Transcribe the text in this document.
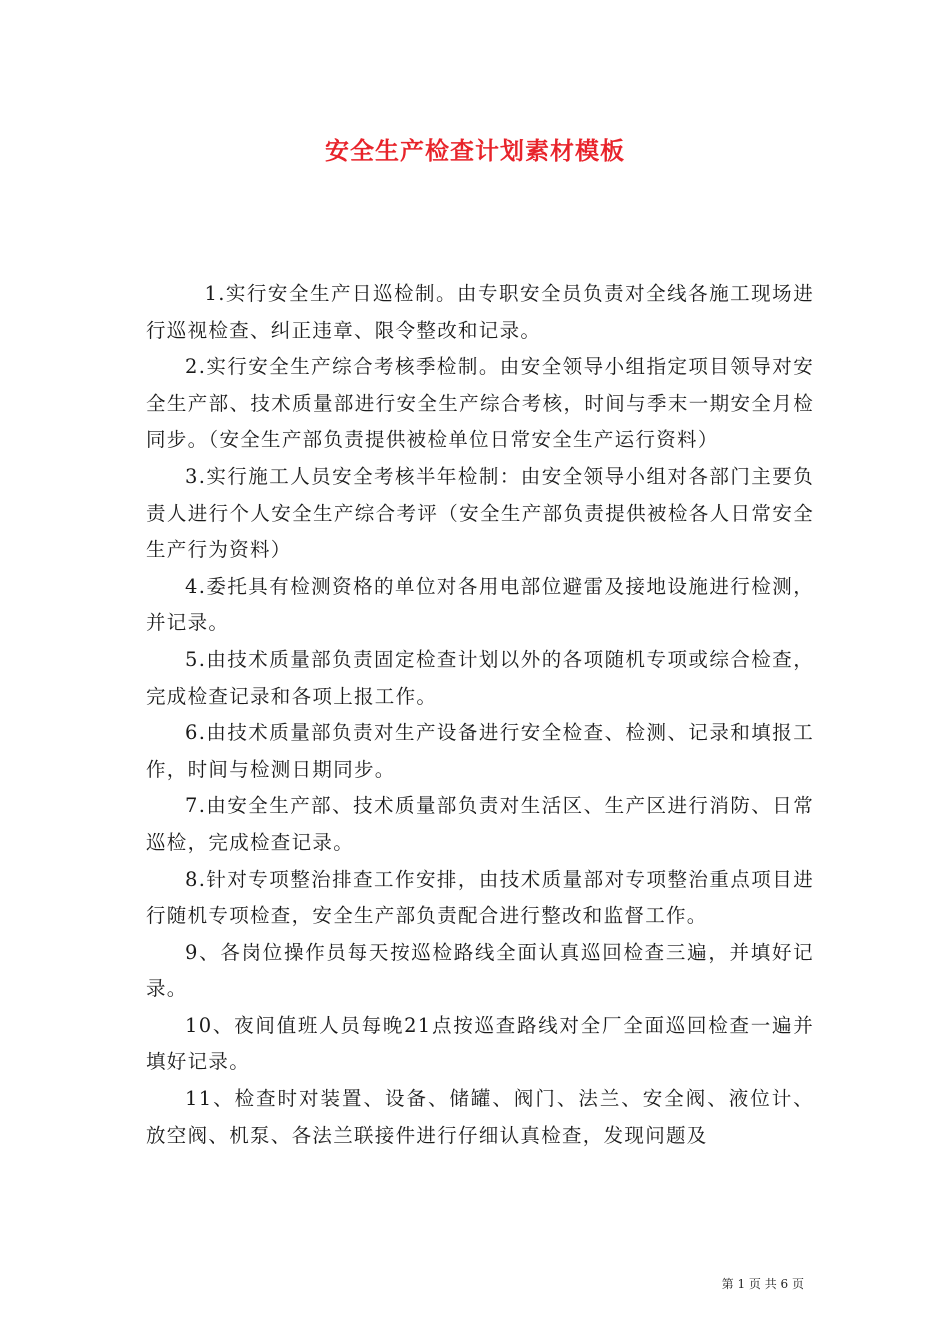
安全生产检查计划素材模板

1.实行安全生产日巡检制。由专职安全员负责对全线各施工现场进行巡视检查、纠正违章、限令整改和记录。

2.实行安全生产综合考核季检制。由安全领导小组指定项目领导对安全生产部、技术质量部进行安全生产综合考核，时间与季末一期安全月检同步。（安全生产部负责提供被检单位日常安全生产运行资料）

3.实行施工人员安全考核半年检制：由安全领导小组对各部门主要负责人进行个人安全生产综合考评（安全生产部负责提供被检各人日常安全生产行为资料）

4.委托具有检测资格的单位对各用电部位避雷及接地设施进行检测，并记录。

5.由技术质量部负责固定检查计划以外的各项随机专项或综合检查，完成检查记录和各项上报工作。

6.由技术质量部负责对生产设备进行安全检查、检测、记录和填报工作，时间与检测日期同步。

7.由安全生产部、技术质量部负责对生活区、生产区进行消防、日常巡检，完成检查记录。

8.针对专项整治排查工作安排，由技术质量部对专项整治重点项目进行随机专项检查，安全生产部负责配合进行整改和监督工作。

9、各岗位操作员每天按巡检路线全面认真巡回检查三遍，并填好记录。

10、夜间值班人员每晚21点按巡查路线对全厂全面巡回检查一遍并填好记录。

11、检查时对装置、设备、储罐、阀门、法兰、安全阀、液位计、放空阀、机泵、各法兰联接件进行仔细认真检查，发现问题及

第 1 页 共 6 页
